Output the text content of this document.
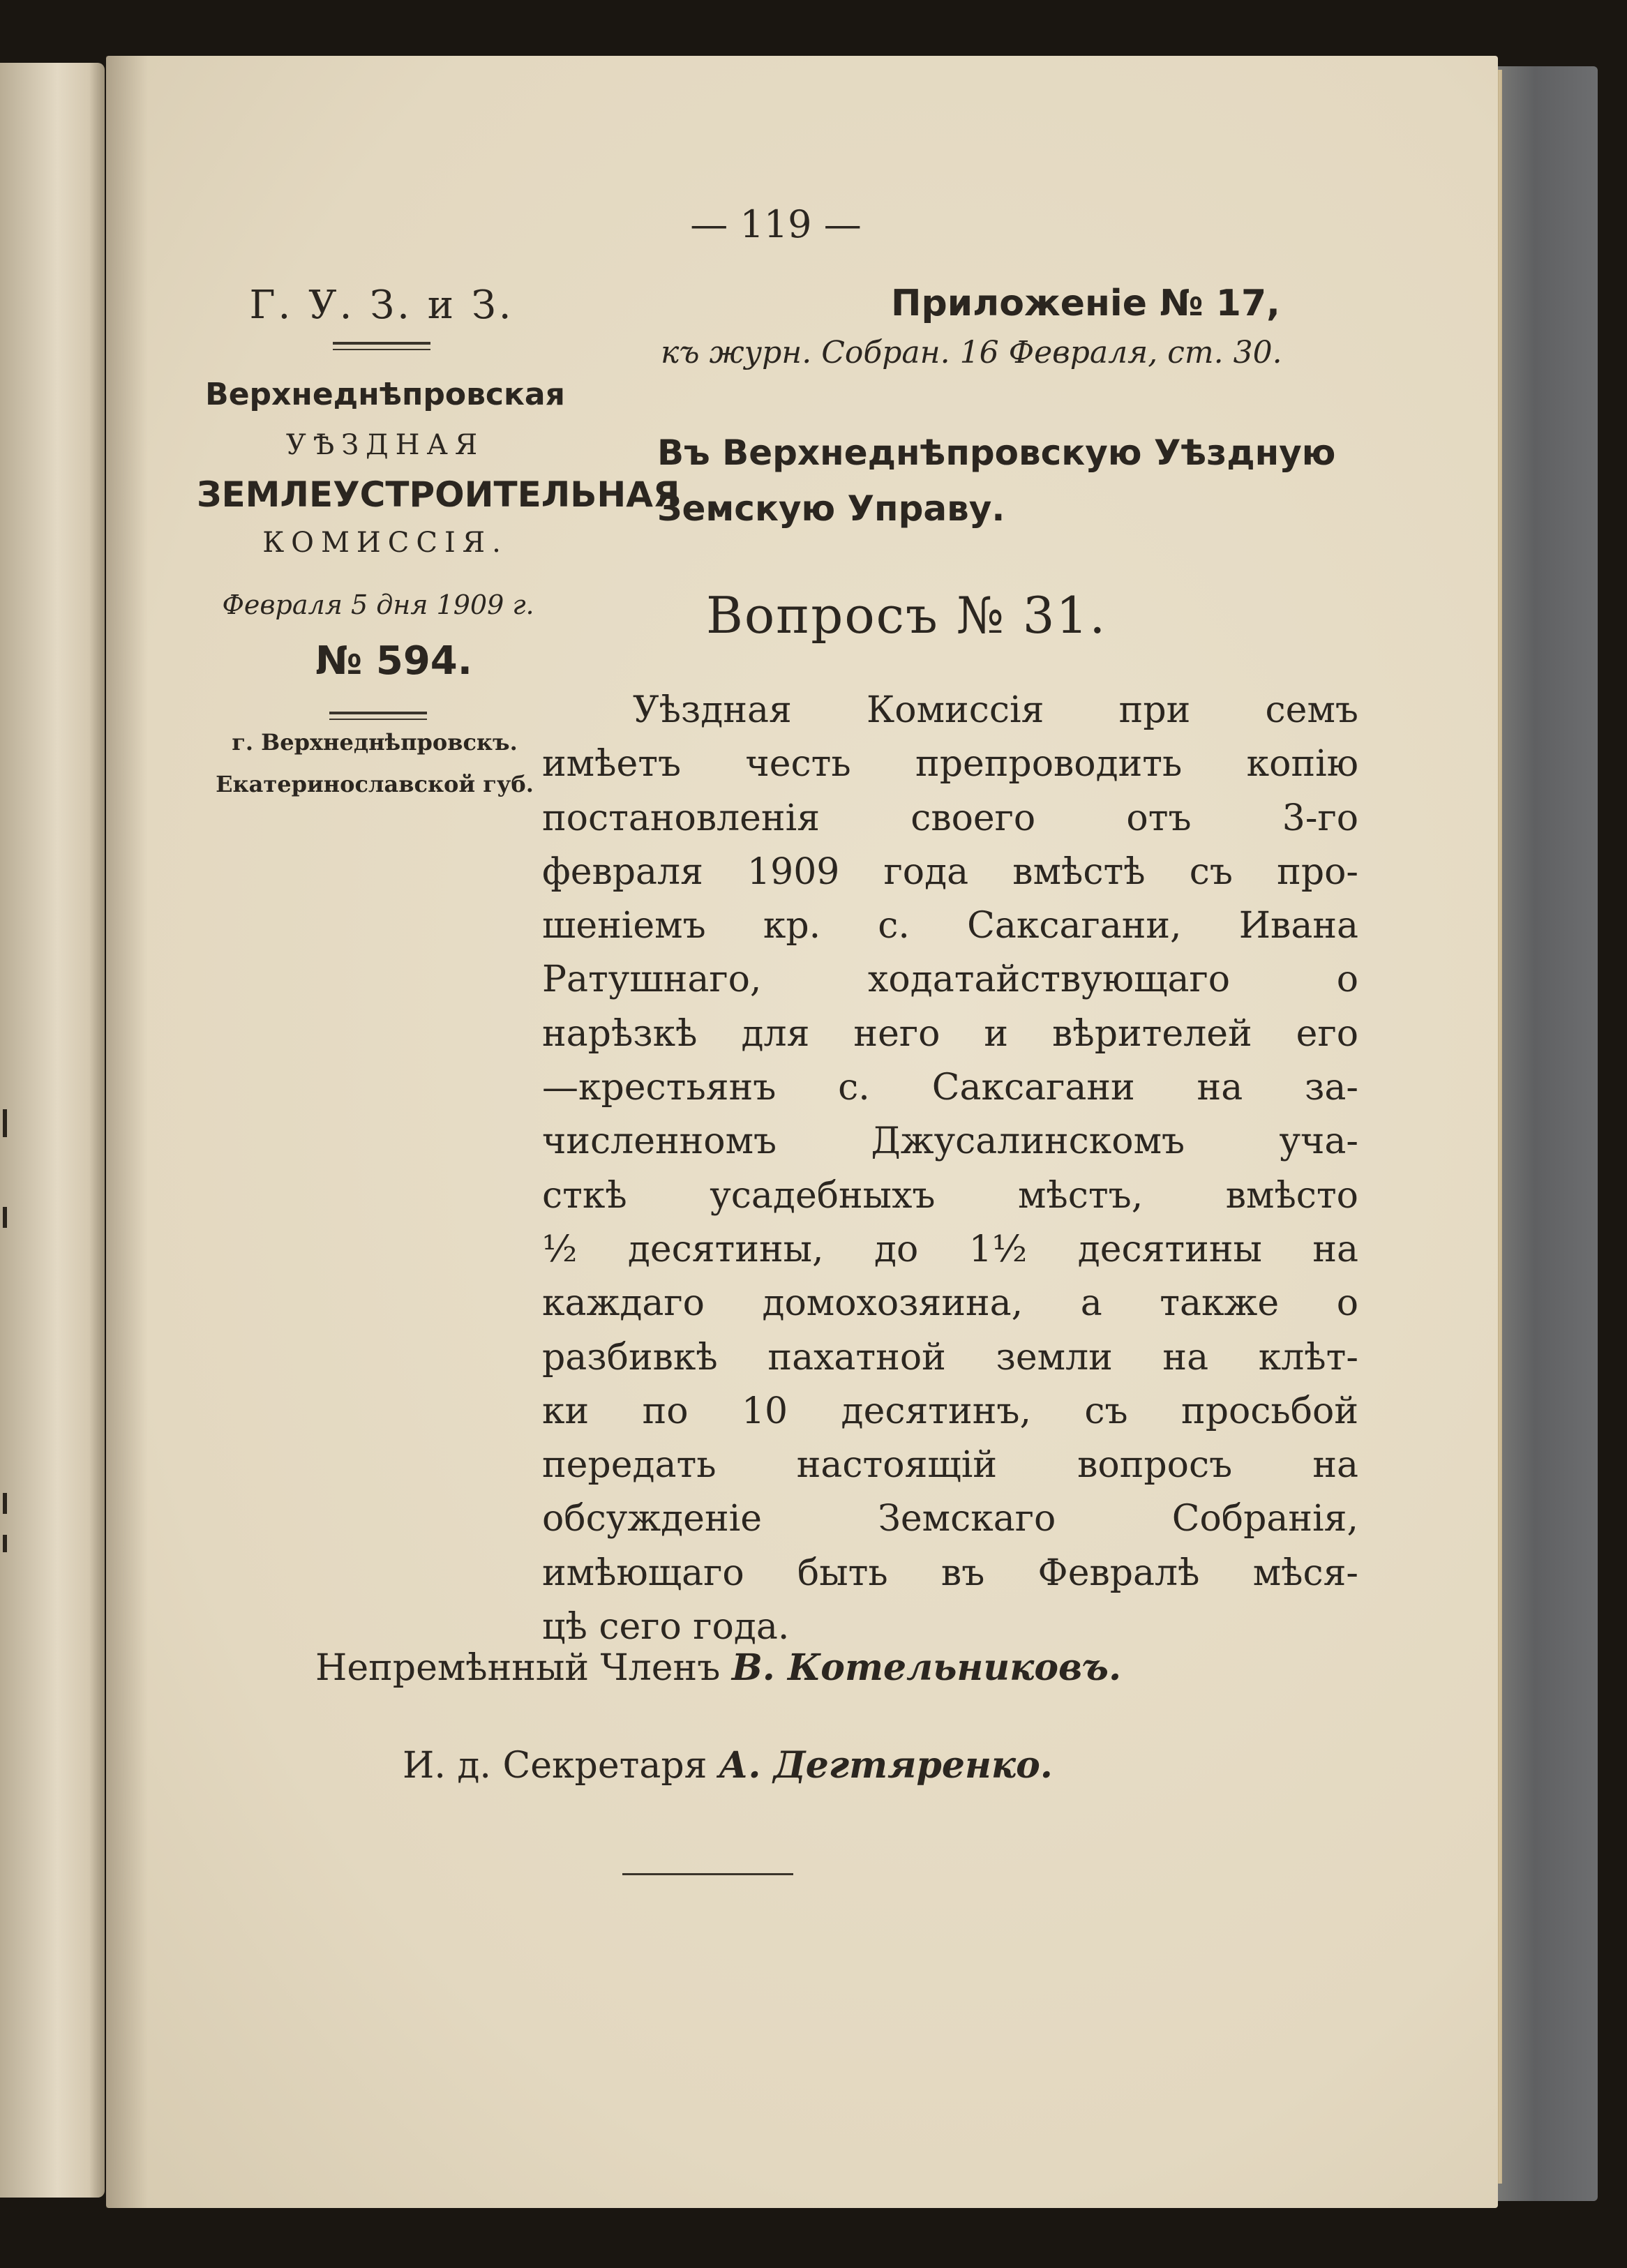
— 119 —
Г. У. З. и З.
Верхнеднѣпровская
УѢЗДНАЯ
ЗЕМЛЕУСТРОИТЕЛЬНАЯ
КОМИССІЯ.
Февраля 5 дня 1909 г.
№ 594.
г. Верхнеднѣпровскъ.
Екатеринославской губ.
Приложеніе № 17,
къ журн. Собран. 16 Февраля, ст. 30.
Въ Верхнеднѣпровскую Уѣздную
Земскую Управу.
Вопросъ № 31.
Уѣздная Комиссія при семъ
имѣетъ честь препроводить копію
постановленія своего отъ 3-го
февраля 1909 года вмѣстѣ съ про-
шеніемъ кр. с. Саксагани, Ивана
Ратушнаго, ходатайствующаго о
нарѣзкѣ для него и вѣрителей его
—крестьянъ с. Саксагани на за-
численномъ Джусалинскомъ уча-
сткѣ усадебныхъ мѣстъ, вмѣсто
½ десятины, до 1½ десятины на
каждаго домохозяина, а также о
разбивкѣ пахатной земли на клѣт-
ки по 10 десятинъ, съ просьбой
передать настоящій вопросъ на
обсужденіе Земскаго Собранія,
имѣющаго быть въ Февралѣ мѣся-
цѣ сего года.
Непремѣнный Членъ В. Котельниковъ.
И. д. Секретаря А. Дегтяренко.
